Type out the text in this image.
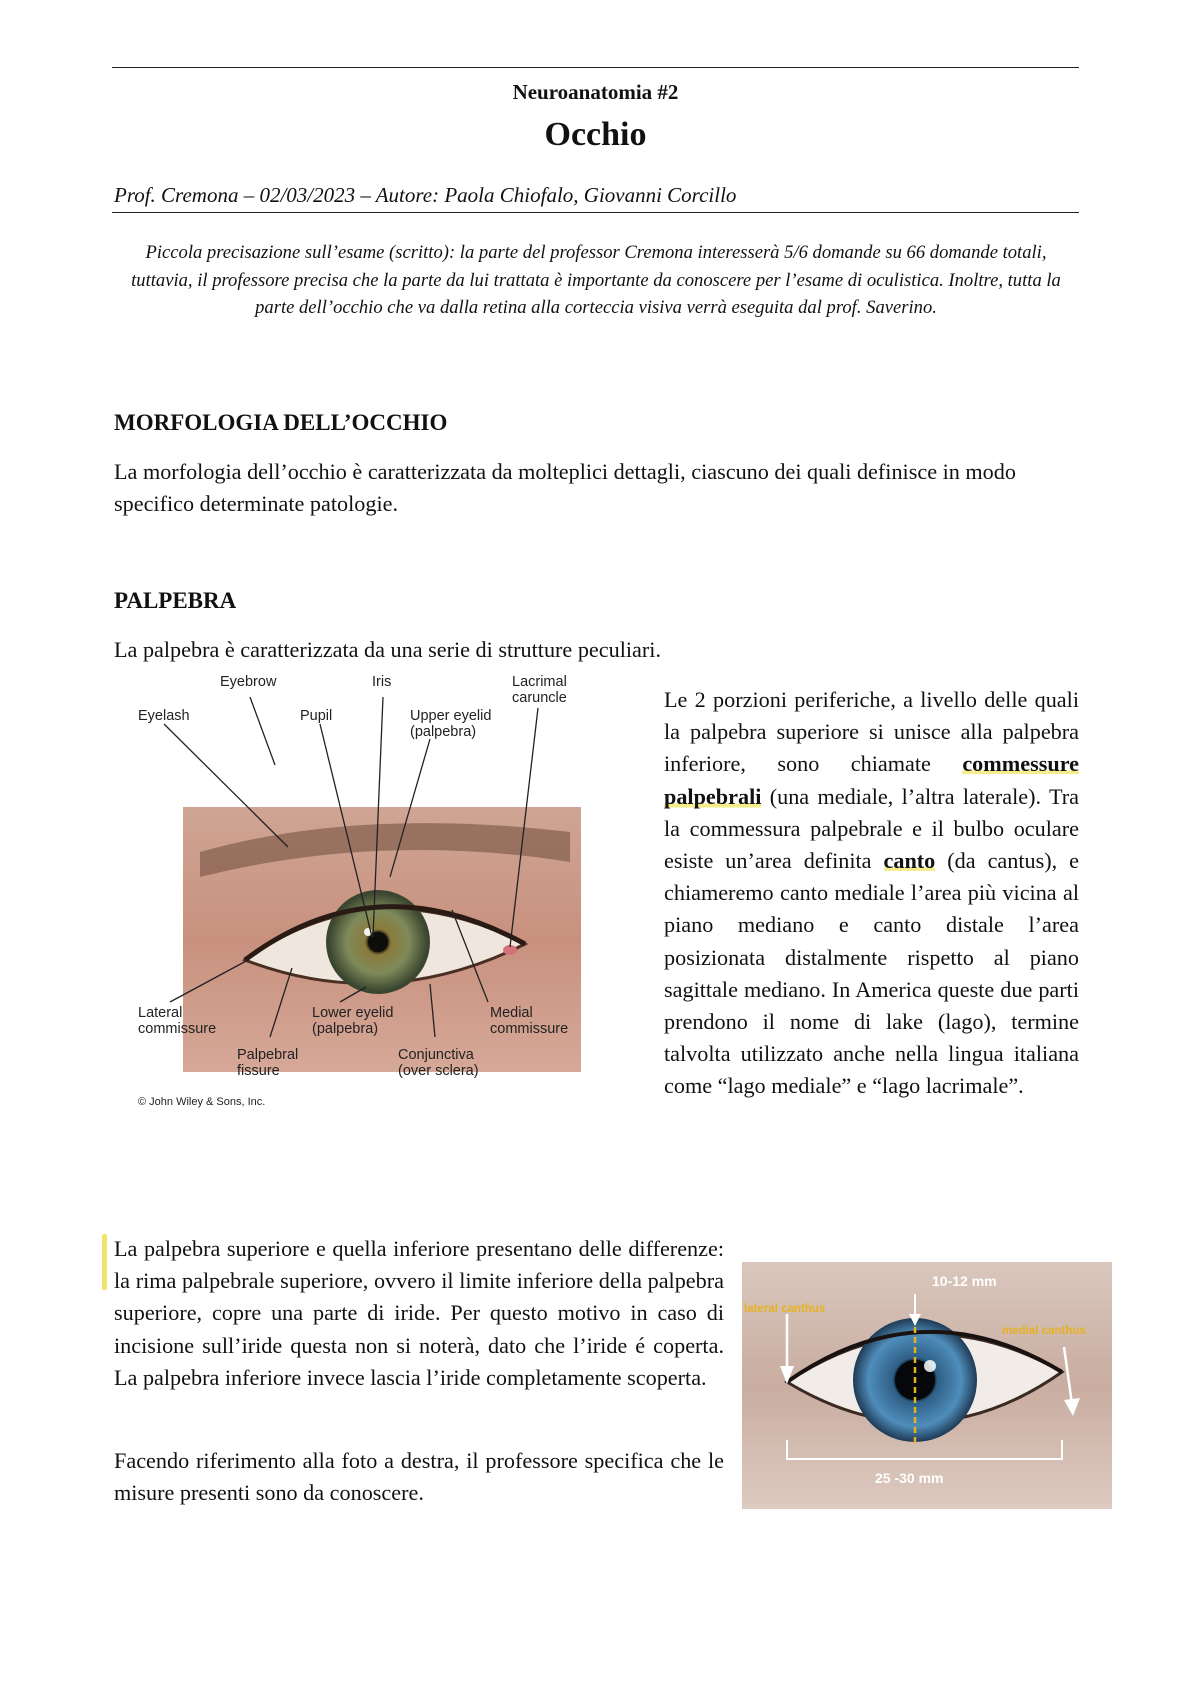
Neuroanatomia #2
Occhio
Prof. Cremona – 02/03/2023 – Autore: Paola Chiofalo, Giovanni Corcillo
Piccola precisazione sull’esame (scritto): la parte del professor Cremona interesserà 5/6 domande su 66 domande totali, tuttavia, il professore precisa che la parte da lui trattata è importante da conoscere per l’esame di oculistica. Inoltre, tutta la parte dell’occhio che va dalla retina alla corteccia visiva verrà eseguita dal prof. Saverino.
MORFOLOGIA DELL’OCCHIO
La morfologia dell’occhio è caratterizzata da molteplici dettagli, ciascuno dei quali definisce in modo specifico determinate patologie.
PALPEBRA
La palpebra è caratterizzata da una serie di strutture peculiari.
Le 2 porzioni periferiche, a livello delle quali la palpebra superiore si unisce alla palpebra inferiore, sono chiamate commessure palpebrali (una mediale, l’altra laterale). Tra la commessura palpebrale e il bulbo oculare esiste un’area definita canto (da cantus), e chiameremo canto mediale l’area più vicina al piano mediano e canto distale l’area posizionata distalmente rispetto al piano sagittale mediano. In America queste due parti prendono il nome di lake (lago), termine talvolta utilizzato anche nella lingua italiana come “lago mediale” e “lago lacrimale”.
Eyebrow	Iris	Lacrimal
caruncle
Eyelash	Pupil	Upper eyelid
(palpebra)
Lateral
commissure
Lower eyelid
(palpebra)
Medial
commissure
Palpebral
fissure
Conjunctiva
(over sclera)
© John Wiley & Sons, Inc.
La palpebra superiore e quella inferiore presentano delle differenze: la rima palpebrale superiore, ovvero il limite inferiore della palpebra superiore, copre una parte di iride. Per questo motivo in caso di incisione sull’iride questa non si noterà, dato che l’iride é coperta. La palpebra inferiore invece lascia l’iride completamente scoperta.
Facendo riferimento alla foto a destra, il professore specifica che le misure presenti sono da conoscere.
10-12 mm
lateral canthus
medial canthus
25 -30 mm
